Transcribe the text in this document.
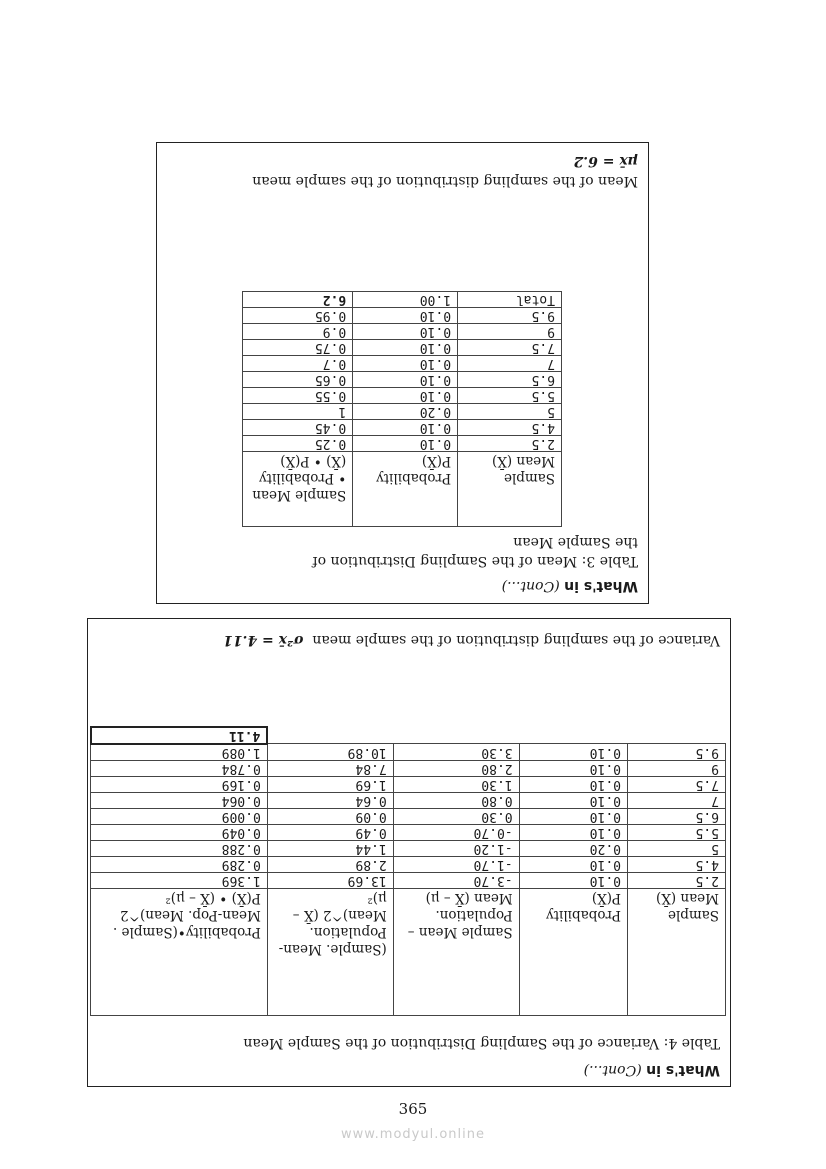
What's in (Cont...)
Table 3: Mean of the Sampling Distribution of the Sample Mean
Sample Mean (X̄)	Probability P(X̄)	Sample Mean • Probability (X̄) • P(X̄)
2.5	0.10	0.25
4.5	0.10	0.45
5	0.20	1
5.5	0.10	0.55
6.5	0.10	0.65
7	0.10	0.7
7.5	0.10	0.75
9	0.10	0.9
9.5	0.10	0.95
Total	1.00	6.2
Mean of the sampling distribution of the sample mean
μx̄ = 6.2
What's in (Cont...)
Table 4: Variance of the Sampling Distribution of the Sample Mean
Sample Mean (X̄)	Probability P(X̄)	Sample Mean – Population. Mean (X̄ – μ)	(Sample. Mean- Population. Mean)^2 (X̄ – μ)²	Probability•(Sample . Mean-Pop. Mean)^2 P(X̄) • (X̄ – μ)²
2.5	0.10	-3.70	13.69	1.369
4.5	0.10	-1.70	2.89	0.289
5	0.20	-1.20	1.44	0.288
5.5	0.10	-0.70	0.49	0.049
6.5	0.10	0.30	0.09	0.009
7	0.10	0.80	0.64	0.064
7.5	0.10	1.30	1.69	0.169
9	0.10	2.80	7.84	0.784
9.5	0.10	3.30	10.89	1.089
				4.11
Variance of the sampling distribution of the sample mean  σ²x̄ = 4.11
365
www.modyul.online
